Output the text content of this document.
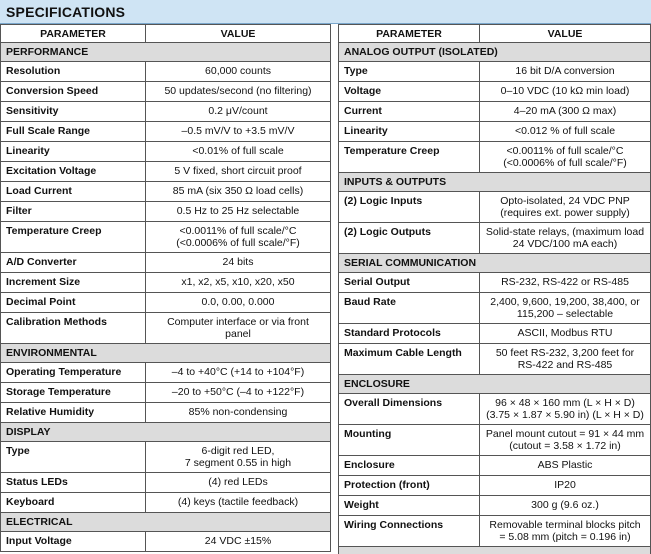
SPECIFICATIONS
PARAMETER	VALUE
PERFORMANCE	
Resolution	60,000 counts
Conversion Speed	50 updates/second (no filtering)
Sensitivity	0.2 μV/count
Full Scale Range	–0.5 mV/V to +3.5 mV/V
Linearity	<0.01% of full scale
Excitation Voltage	5 V fixed, short circuit proof
Load Current	85 mA (six 350 Ω load cells)
Filter	0.5 Hz to 25 Hz selectable
Temperature Creep	<0.0011% of full scale/°C
(<0.0006% of full scale/°F)
A/D Converter	24 bits
Increment Size	x1, x2, x5, x10, x20, x50
Decimal Point	0.0, 0.00, 0.000
Calibration Methods	Computer interface or via front
panel
ENVIRONMENTAL	
Operating Temperature	–4 to +40°C (+14 to +104°F)
Storage Temperature	–20 to +50°C (–4 to +122°F)
Relative Humidity	85% non-condensing
DISPLAY	
Type	6-digit red LED,
7 segment 0.55 in high
Status LEDs	(4) red LEDs
Keyboard	(4) keys (tactile feedback)
ELECTRICAL	
Input Voltage	24 VDC ±15%
PARAMETER	VALUE
ANALOG OUTPUT (ISOLATED)	
Type	16 bit D/A conversion
Voltage	0–10 VDC (10 kΩ min load)
Current	4–20 mA (300 Ω max)
Linearity	<0.012 % of full scale
Temperature Creep	<0.0011% of full scale/°C
(<0.0006% of full scale/°F)
INPUTS & OUTPUTS	
(2) Logic Inputs	Opto-isolated, 24 VDC PNP
(requires ext. power supply)
(2) Logic Outputs	Solid-state relays, (maximum load
24 VDC/100 mA each)
SERIAL COMMUNICATION	
Serial Output	RS-232, RS-422 or RS-485
Baud Rate	2,400, 9,600, 19,200, 38,400, or
115,200 – selectable
Standard Protocols	ASCII, Modbus RTU
Maximum Cable Length	50 feet RS-232, 3,200 feet for
RS-422 and RS-485
ENCLOSURE	
Overall Dimensions	96 × 48 × 160 mm (L × H × D)
(3.75 × 1.87 × 5.90 in) (L × H × D)
Mounting	Panel mount cutout = 91 × 44 mm
(cutout = 3.58 × 1.72 in)
Enclosure	ABS Plastic
Protection (front)	IP20
Weight	300 g (9.6 oz.)
Wiring Connections	Removable terminal blocks pitch
= 5.08 mm (pitch = 0.196 in)
